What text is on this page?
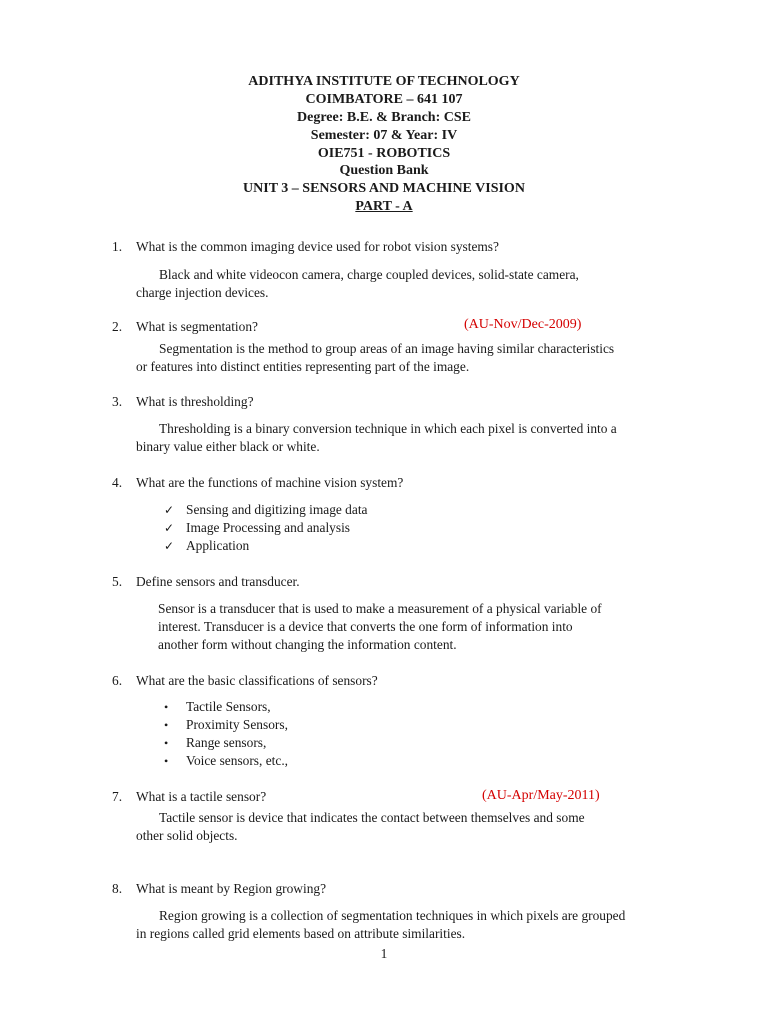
ADITHYA INSTITUTE OF TECHNOLOGY
COIMBATORE – 641 107
Degree: B.E. & Branch: CSE
Semester: 07 & Year: IV
OIE751 - ROBOTICS
Question Bank
UNIT 3 – SENSORS AND MACHINE VISION
PART - A
1. What is the common imaging device used for robot vision systems?
Black and white videocon camera, charge coupled devices, solid-state camera,
charge injection devices.
2. What is segmentation?	(AU-Nov/Dec-2009)
Segmentation is the method to group areas of an image having similar characteristics
or features into distinct entities representing part of the image.
3. What is thresholding?
Thresholding is a binary conversion technique in which each pixel is converted into a
binary value either black or white.
4. What are the functions of machine vision system?
✓ Sensing and digitizing image data
✓ Image Processing and analysis
✓ Application
5. Define sensors and transducer.
Sensor is a transducer that is used to make a measurement of a physical variable of
interest. Transducer is a device that converts the one form of information into
another form without changing the information content.
6. What are the basic classifications of sensors?
• Tactile Sensors,
• Proximity Sensors,
• Range sensors,
• Voice sensors, etc.,
7. What is a tactile sensor?	(AU-Apr/May-2011)
Tactile sensor is device that indicates the contact between themselves and some
other solid objects.
8. What is meant by Region growing?
Region growing is a collection of segmentation techniques in which pixels are grouped
in regions called grid elements based on attribute similarities.
1
